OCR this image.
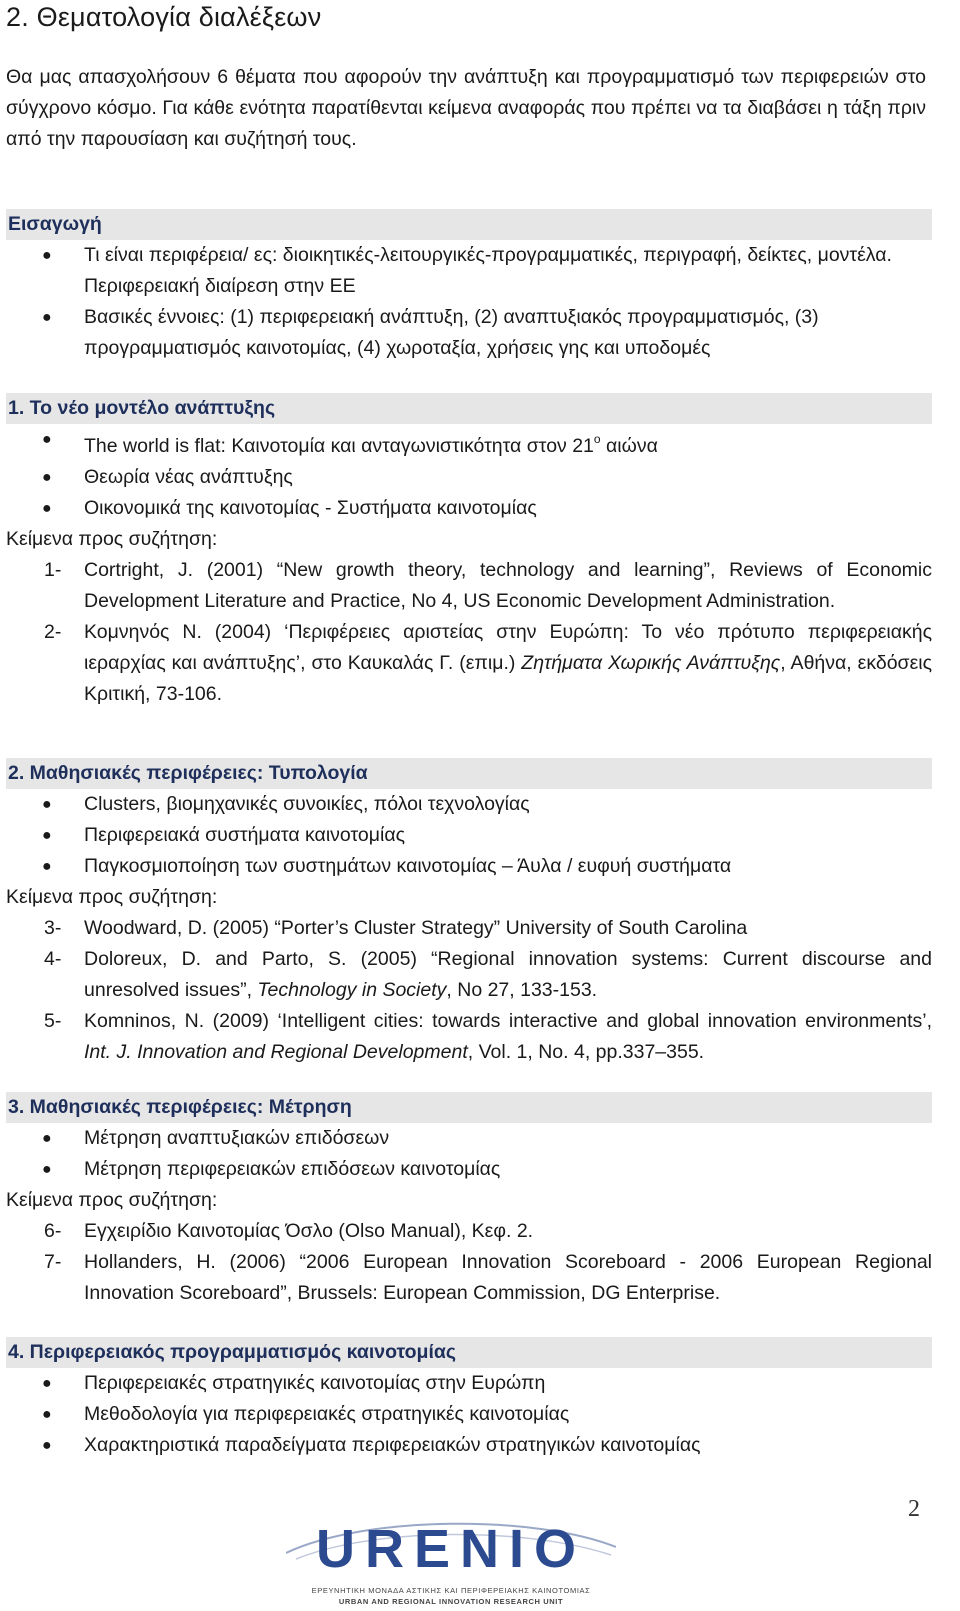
2. Θεματολογία διαλέξεων

Θα μας απασχολήσουν 6 θέματα που αφορούν την ανάπτυξη και προγραμματισμό των περιφερειών στο σύγχρονο κόσμο. Για κάθε ενότητα παρατίθενται κείμενα αναφοράς που πρέπει να τα διαβάσει η τάξη πριν από την παρουσίαση και συζήτησή τους.

Εισαγωγή
● Τι είναι περιφέρεια/ ες: διοικητικές-λειτουργικές-προγραμματικές, περιγραφή, δείκτες, μοντέλα. Περιφερειακή διαίρεση στην ΕΕ
● Βασικές έννοιες: (1) περιφερειακή ανάπτυξη, (2) αναπτυξιακός προγραμματισμός, (3) προγραμματισμός καινοτομίας, (4) χωροταξία, χρήσεις γης και υποδομές
1. Το νέο μοντέλο ανάπτυξης
● The world is flat: Καινοτομία και ανταγωνιστικότητα στον $21^o$ αιώνα
● Θεωρία νέας ανάπτυξης
● Οικονομικά της καινοτομίας - Συστήματα καινοτομίας
Κείμενα προς συζήτηση:
1- Cortright, J. (2001) “New growth theory, technology and learning”, Reviews of Economic Development Literature and Practice, No 4, US Economic Development Administration.
2- Κομνηνός Ν. (2004) ‘Περιφέρειες αριστείας στην Ευρώπη: Το νέο πρότυπο περιφερειακής ιεραρχίας και ανάπτυξης’, στο Καυκαλάς Γ. (επιμ.) Ζητήματα Χωρικής Ανάπτυξης, Αθήνα, εκδόσεις Κριτική, 73-106.
2. Μαθησιακές περιφέρειες: Τυπολογία
● Clusters, βιομηχανικές συνοικίες, πόλοι τεχνολογίας
● Περιφερειακά συστήματα καινοτομίας
● Παγκοσμιοποίηση των συστημάτων καινοτομίας – Άυλα / ευφυή συστήματα
Κείμενα προς συζήτηση:
3- Woodward, D. (2005) “Porter’s Cluster Strategy” University of South Carolina
4- Doloreux, D. and Parto, S. (2005) “Regional innovation systems: Current discourse and unresolved issues”, Technology in Society, No 27, 133-153.
5- Komninos, N. (2009) ‘Intelligent cities: towards interactive and global innovation environments’, Int. J. Innovation and Regional Development, Vol. 1, No. 4, pp.337–355.
3. Μαθησιακές περιφέρειες: Μέτρηση
● Μέτρηση αναπτυξιακών επιδόσεων
● Μέτρηση περιφερειακών επιδόσεων καινοτομίας
Κείμενα προς συζήτηση:
6- Εγχειρίδιο Καινοτομίας Όσλο (Olso Manual), Κεφ. 2.
7- Hollanders, H. (2006) “2006 European Innovation Scoreboard - 2006 European Regional Innovation Scoreboard”, Brussels: European Commission, DG Enterprise.
4. Περιφερειακός προγραμματισμός καινοτομίας
● Περιφερειακές στρατηγικές καινοτομίας στην Ευρώπη
● Μεθοδολογία για περιφερειακές στρατηγικές καινοτομίας
● Χαρακτηριστικά παραδείγματα περιφερειακών στρατηγικών καινοτομίας
URENIO
ΕΡΕΥΝΗΤΙΚΗ ΜΟΝΑΔΑ ΑΣΤΙΚΗΣ ΚΑΙ ΠΕΡΙΦΕΡΕΙΑΚΗΣ ΚΑΙΝΟΤΟΜΙΑΣ
URBAN AND REGIONAL INNOVATION RESEARCH UNIT
2
